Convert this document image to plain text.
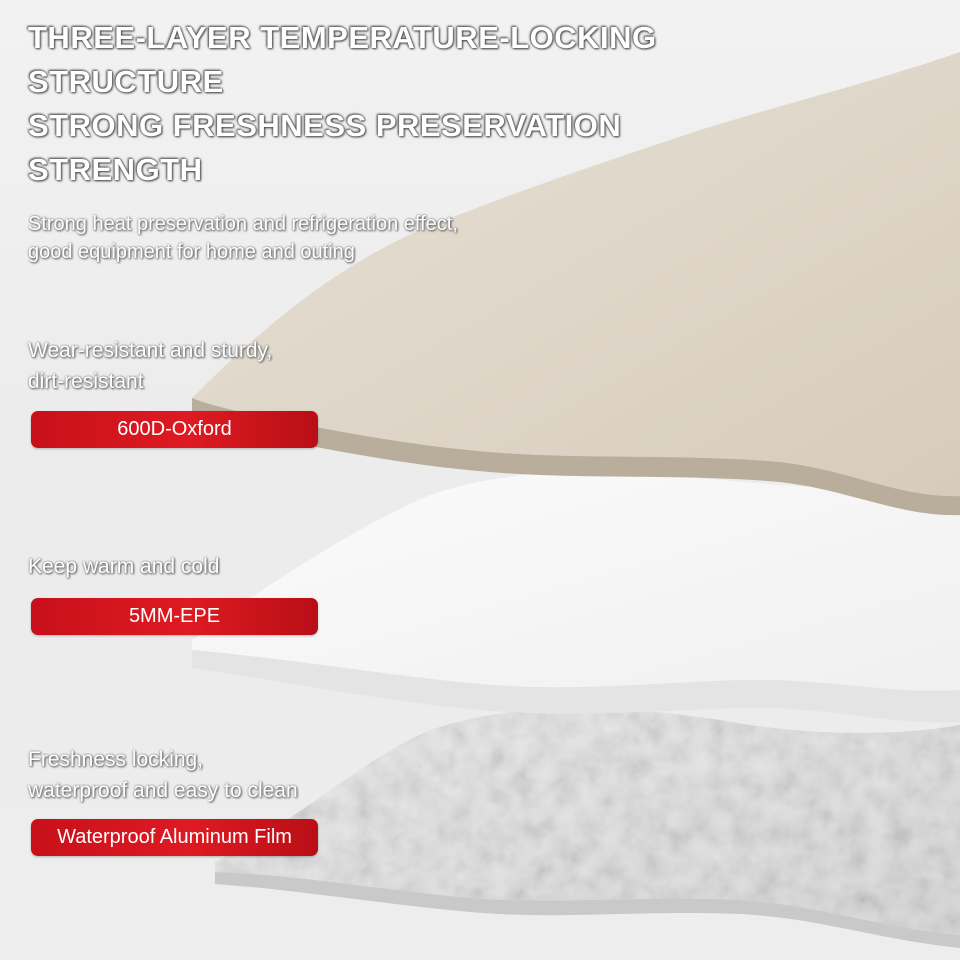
THREE-LAYER TEMPERATURE-LOCKING
STRUCTURE
STRONG FRESHNESS PRESERVATION
STRENGTH
Strong heat preservation and refrigeration effect,
good equipment for home and outing
Wear-resistant and sturdy,
dirt-resistant
600D-Oxford
Keep warm and cold
5MM-EPE
Freshness locking,
waterproof and easy to clean
Waterproof Aluminum Film
